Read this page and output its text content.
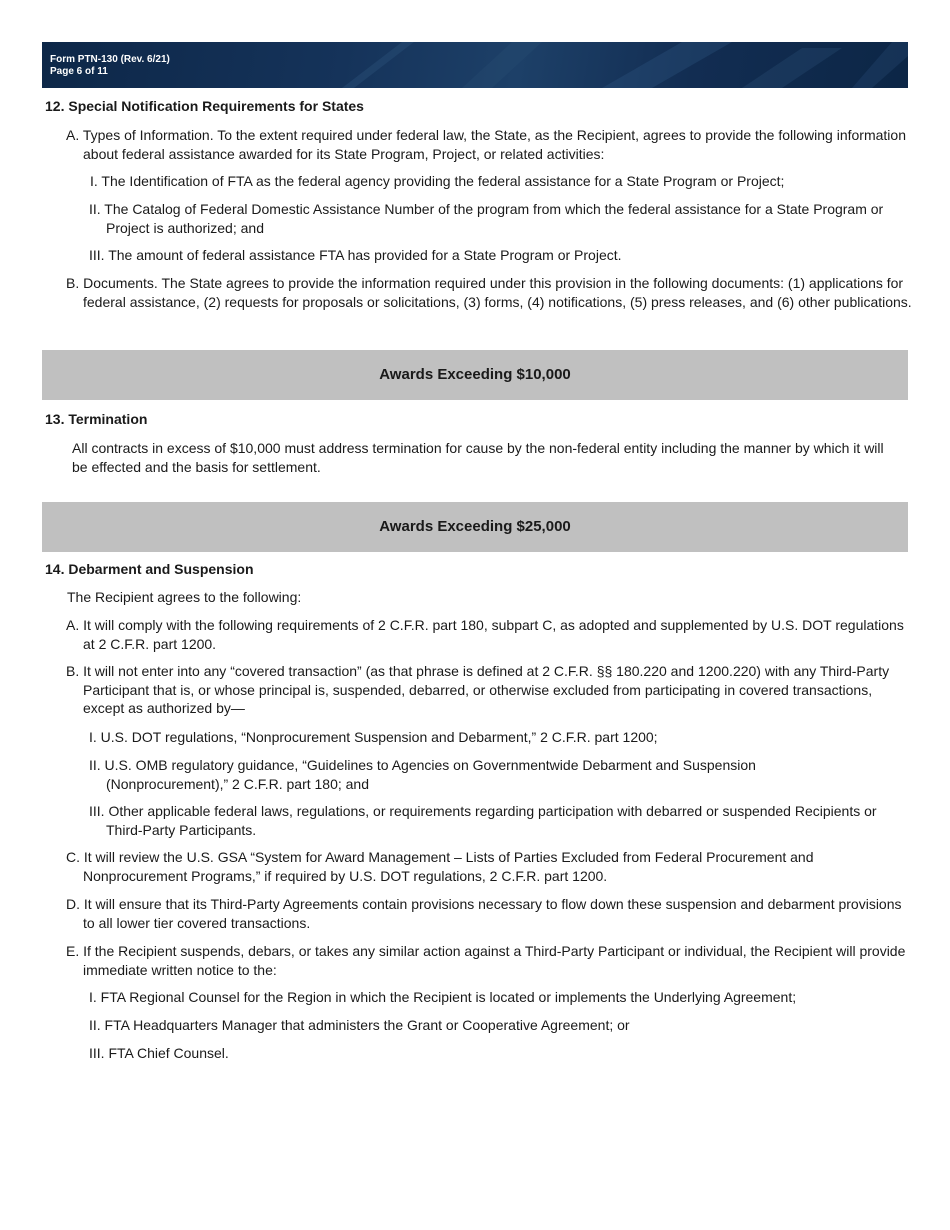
Form PTN-130 (Rev. 6/21)
Page 6 of 11
12. Special Notification Requirements for States
A. Types of Information. To the extent required under federal law, the State, as the Recipient, agrees to provide the following information about federal assistance awarded for its State Program, Project, or related activities:
I. The Identification of FTA as the federal agency providing the federal assistance for a State Program or Project;
II. The Catalog of Federal Domestic Assistance Number of the program from which the federal assistance for a State Program or Project is authorized; and
III. The amount of federal assistance FTA has provided for a State Program or Project.
B. Documents. The State agrees to provide the information required under this provision in the following documents: (1) applications for federal assistance, (2) requests for proposals or solicitations, (3) forms, (4) notifications, (5) press releases, and (6) other publications.
Awards Exceeding $10,000
13. Termination
All contracts in excess of $10,000 must address termination for cause by the non-federal entity including the manner by which it will be effected and the basis for settlement.
Awards Exceeding $25,000
14. Debarment and Suspension
The Recipient agrees to the following:
A. It will comply with the following requirements of 2 C.F.R. part 180, subpart C, as adopted and supplemented by U.S. DOT regulations at 2 C.F.R. part 1200.
B. It will not enter into any “covered transaction” (as that phrase is defined at 2 C.F.R. §§ 180.220 and 1200.220) with any Third-Party Participant that is, or whose principal is, suspended, debarred, or otherwise excluded from participating in covered transactions, except as authorized by—
I. U.S. DOT regulations, “Nonprocurement Suspension and Debarment,” 2 C.F.R. part 1200;
II. U.S. OMB regulatory guidance, “Guidelines to Agencies on Governmentwide Debarment and Suspension (Nonprocurement),” 2 C.F.R. part 180; and
III. Other applicable federal laws, regulations, or requirements regarding participation with debarred or suspended Recipients or Third-Party Participants.
C. It will review the U.S. GSA “System for Award Management – Lists of Parties Excluded from Federal Procurement and Nonprocurement Programs,” if required by U.S. DOT regulations, 2 C.F.R. part 1200.
D. It will ensure that its Third-Party Agreements contain provisions necessary to flow down these suspension and debarment provisions to all lower tier covered transactions.
E. If the Recipient suspends, debars, or takes any similar action against a Third-Party Participant or individual, the Recipient will provide immediate written notice to the:
I. FTA Regional Counsel for the Region in which the Recipient is located or implements the Underlying Agreement;
II. FTA Headquarters Manager that administers the Grant or Cooperative Agreement; or
III. FTA Chief Counsel.
